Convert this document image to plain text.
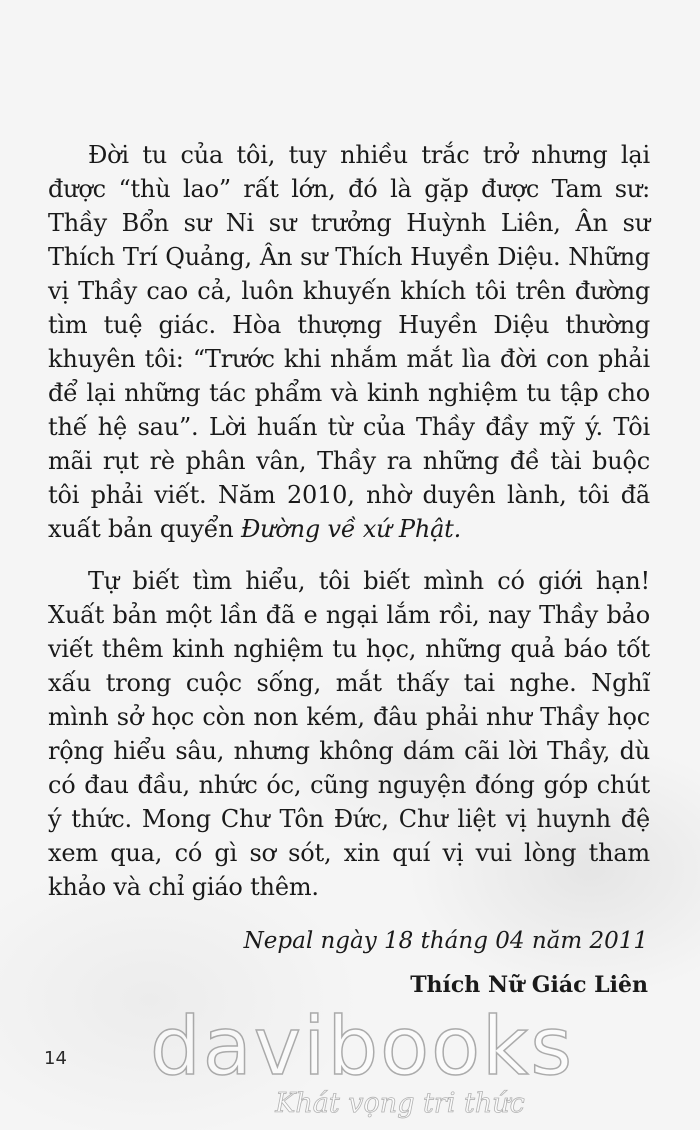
Đời tu của tôi, tuy nhiều trắc trở nhưng lại được “thù lao” rất lớn, đó là gặp được Tam sư: Thầy Bổn sư Ni sư trưởng Huỳnh Liên, Ân sư Thích Trí Quảng, Ân sư Thích Huyền Diệu. Những vị Thầy cao cả, luôn khuyến khích tôi trên đường tìm tuệ giác. Hòa thượng Huyền Diệu thường khuyên tôi: “Trước khi nhắm mắt lìa đời con phải để lại những tác phẩm và kinh nghiệm tu tập cho thế hệ sau”. Lời huấn từ của Thầy đầy mỹ ý. Tôi mãi rụt rè phân vân, Thầy ra những đề tài buộc tôi phải viết. Năm 2010, nhờ duyên lành, tôi đã xuất bản quyển Đường về xứ Phật.

Tự biết tìm hiểu, tôi biết mình có giới hạn! Xuất bản một lần đã e ngại lắm rồi, nay Thầy bảo viết thêm kinh nghiệm tu học, những quả báo tốt xấu trong cuộc sống, mắt thấy tai nghe. Nghĩ mình sở học còn non kém, đâu phải như Thầy học rộng hiểu sâu, nhưng không dám cãi lời Thầy, dù có đau đầu, nhức óc, cũng nguyện đóng góp chút ý thức. Mong Chư Tôn Đức, Chư liệt vị huynh đệ xem qua, có gì sơ sót, xin quí vị vui lòng tham khảo và chỉ giáo thêm.

Nepal ngày 18 tháng 04 năm 2011
Thích Nữ Giác Liên
davibooks
Khát vọng tri thức
14
